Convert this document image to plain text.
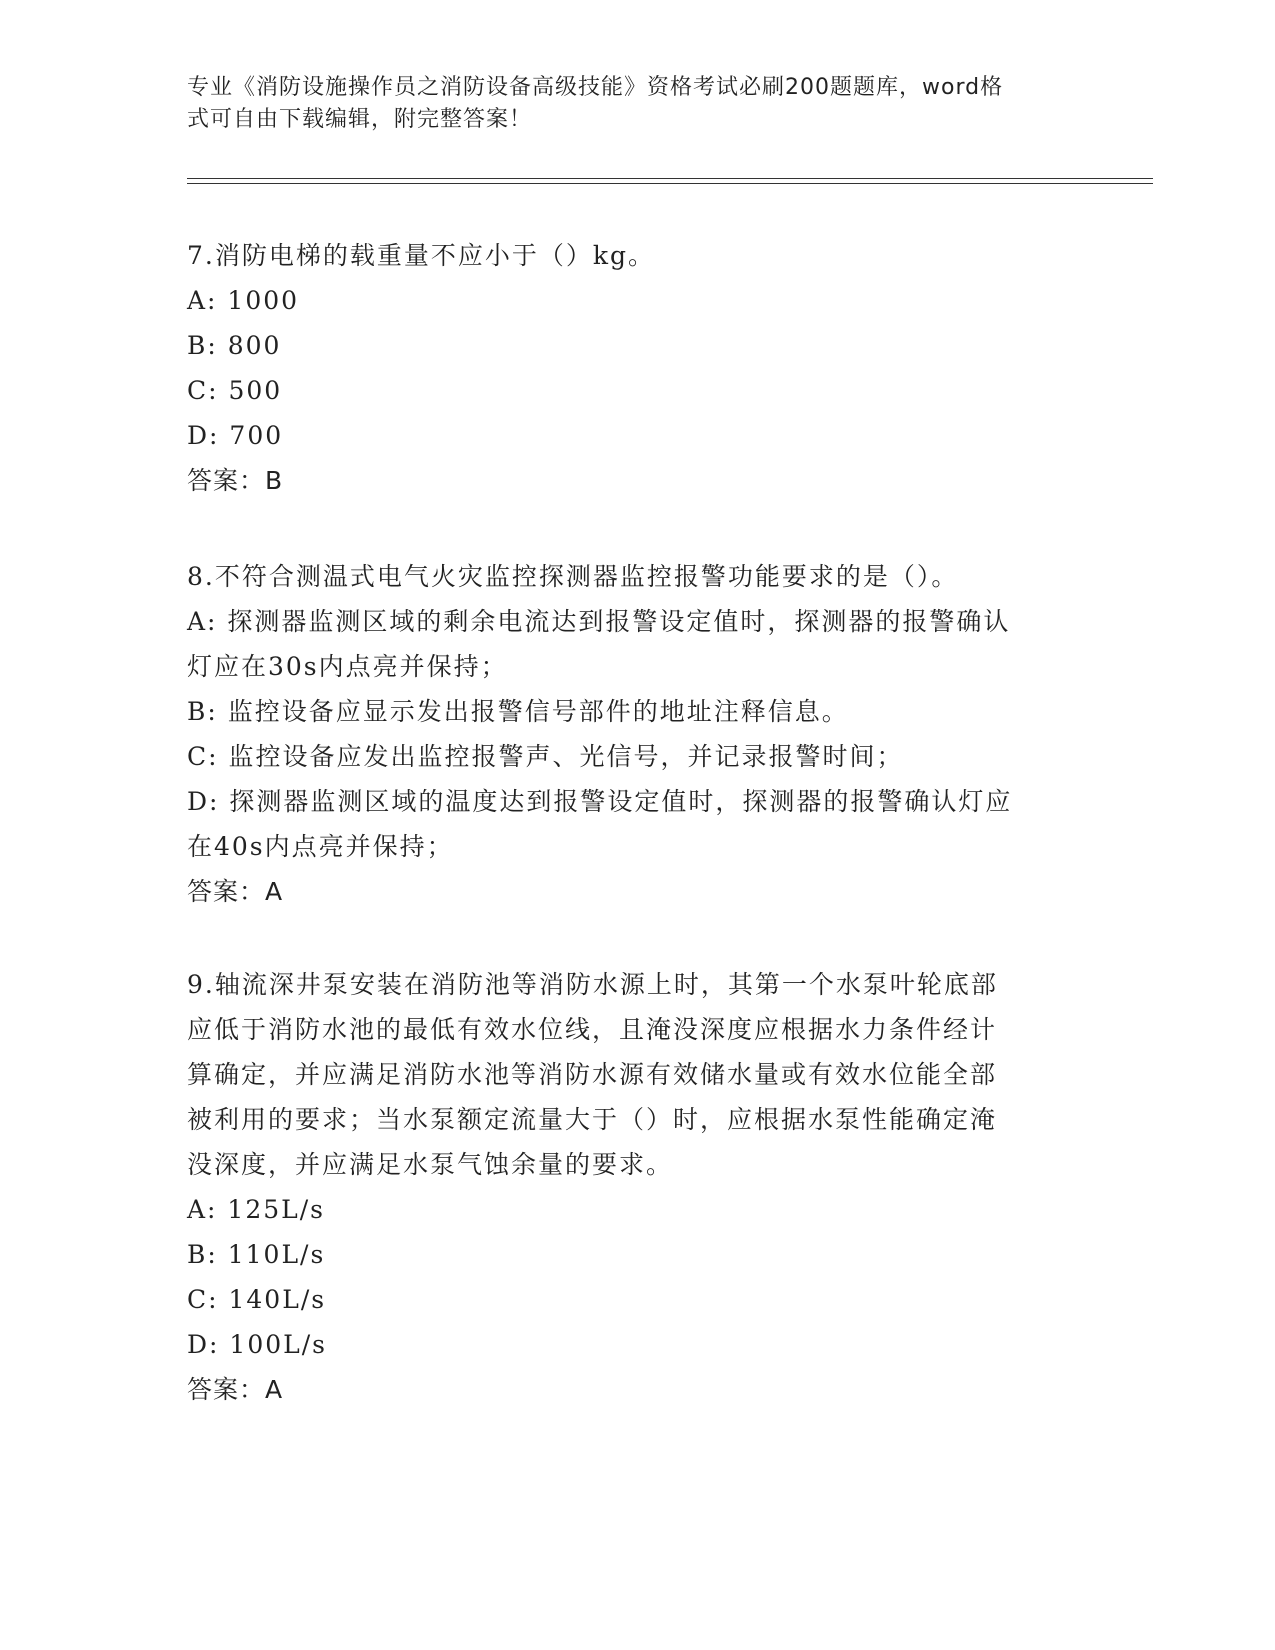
专业《消防设施操作员之消防设备高级技能》资格考试必刷200题题库，word格
式可自由下载编辑，附完整答案！
7.消防电梯的载重量不应小于（）kg。
A: 1000
B: 800
C: 500
D: 700
答案：B
8.不符合测温式电气火灾监控探测器监控报警功能要求的是（）。
A: 探测器监测区域的剩余电流达到报警设定值时，探测器的报警确认
灯应在30s内点亮并保持；
B: 监控设备应显示发出报警信号部件的地址注释信息。
C: 监控设备应发出监控报警声、光信号，并记录报警时间；
D: 探测器监测区域的温度达到报警设定值时，探测器的报警确认灯应
在40s内点亮并保持；
答案：A
9.轴流深井泵安装在消防池等消防水源上时，其第一个水泵叶轮底部
应低于消防水池的最低有效水位线，且淹没深度应根据水力条件经计
算确定，并应满足消防水池等消防水源有效储水量或有效水位能全部
被利用的要求；当水泵额定流量大于（）时，应根据水泵性能确定淹
没深度，并应满足水泵气蚀余量的要求。
A: 125L/s
B: 110L/s
C: 140L/s
D: 100L/s
答案：A
